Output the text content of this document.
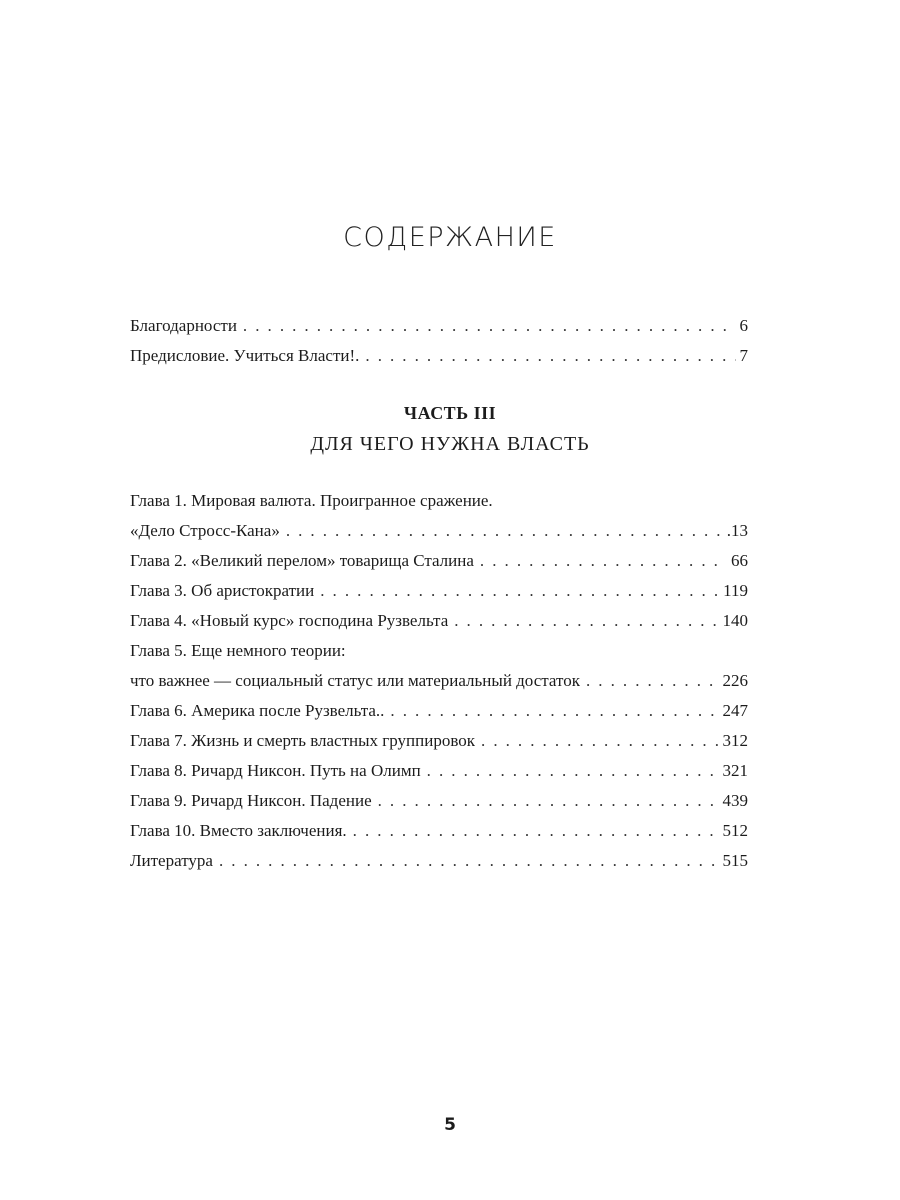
СОДЕРЖАНИЕ
Благодарности . . .	6
Предисловие. Учиться Власти!. . . .	7
ЧАСТЬ III
ДЛЯ ЧЕГО НУЖНА ВЛАСТЬ
Глава 1. Мировая валюта. Проигранное сражение.
«Дело Стросс-Кана» . . .	.13
Глава 2. «Великий перелом» товарища Сталина . . .	66
Глава 3. Об аристократии . . .	119
Глава 4. «Новый курс» господина Рузвельта . . .	140
Глава 5. Еще немного теории:
что важнее — социальный статус или материальный достаток . . .	226
Глава 6. Америка после Рузвельта.. . . .	247
Глава 7. Жизнь и смерть властных группировок . . .	312
Глава 8. Ричард Никсон. Путь на Олимп . . .	321
Глава 9. Ричард Никсон. Падение . . .	439
Глава 10. Вместо заключения. . . .	512
Литература . . .	515
5
